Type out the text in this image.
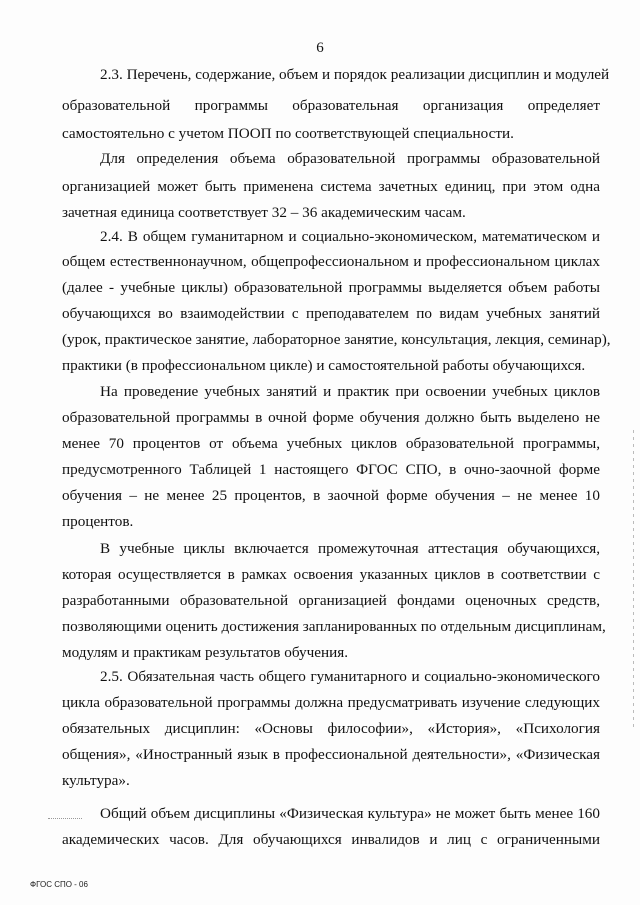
6
2.3. Перечень, содержание, объем и порядок реализации дисциплин и модулей
образовательной программы образовательная организация определяет
самостоятельно с учетом ПООП по соответствующей специальности.
Для определения объема образовательной программы образовательной
организацией может быть применена система зачетных единиц, при этом одна
зачетная единица соответствует 32 – 36 академическим часам.
2.4. В общем гуманитарном и социально-экономическом, математическом и
общем естественнонаучном, общепрофессиональном и профессиональном циклах
(далее - учебные циклы) образовательной программы выделяется объем работы
обучающихся во взаимодействии с преподавателем по видам учебных занятий
(урок, практическое занятие, лабораторное занятие, консультация, лекция, семинар),
практики (в профессиональном цикле) и самостоятельной работы обучающихся.
На проведение учебных занятий и практик при освоении учебных циклов
образовательной программы в очной форме обучения должно быть выделено не
менее 70 процентов от объема учебных циклов образовательной программы,
предусмотренного Таблицей 1 настоящего ФГОС СПО, в очно-заочной форме
обучения – не менее 25 процентов, в заочной форме обучения – не менее 10
процентов.
В учебные циклы включается промежуточная аттестация обучающихся,
которая осуществляется в рамках освоения указанных циклов в соответствии с
разработанными образовательной организацией фондами оценочных средств,
позволяющими оценить достижения запланированных по отдельным дисциплинам,
модулям и практикам результатов обучения.
2.5. Обязательная часть общего гуманитарного и социально-экономического
цикла образовательной программы должна предусматривать изучение следующих
обязательных дисциплин: «Основы философии», «История», «Психология
общения», «Иностранный язык в профессиональной деятельности», «Физическая
культура».
Общий объем дисциплины «Физическая культура» не может быть менее 160
академических часов. Для обучающихся инвалидов и лиц с ограниченными
ФГОС СПО - 06
